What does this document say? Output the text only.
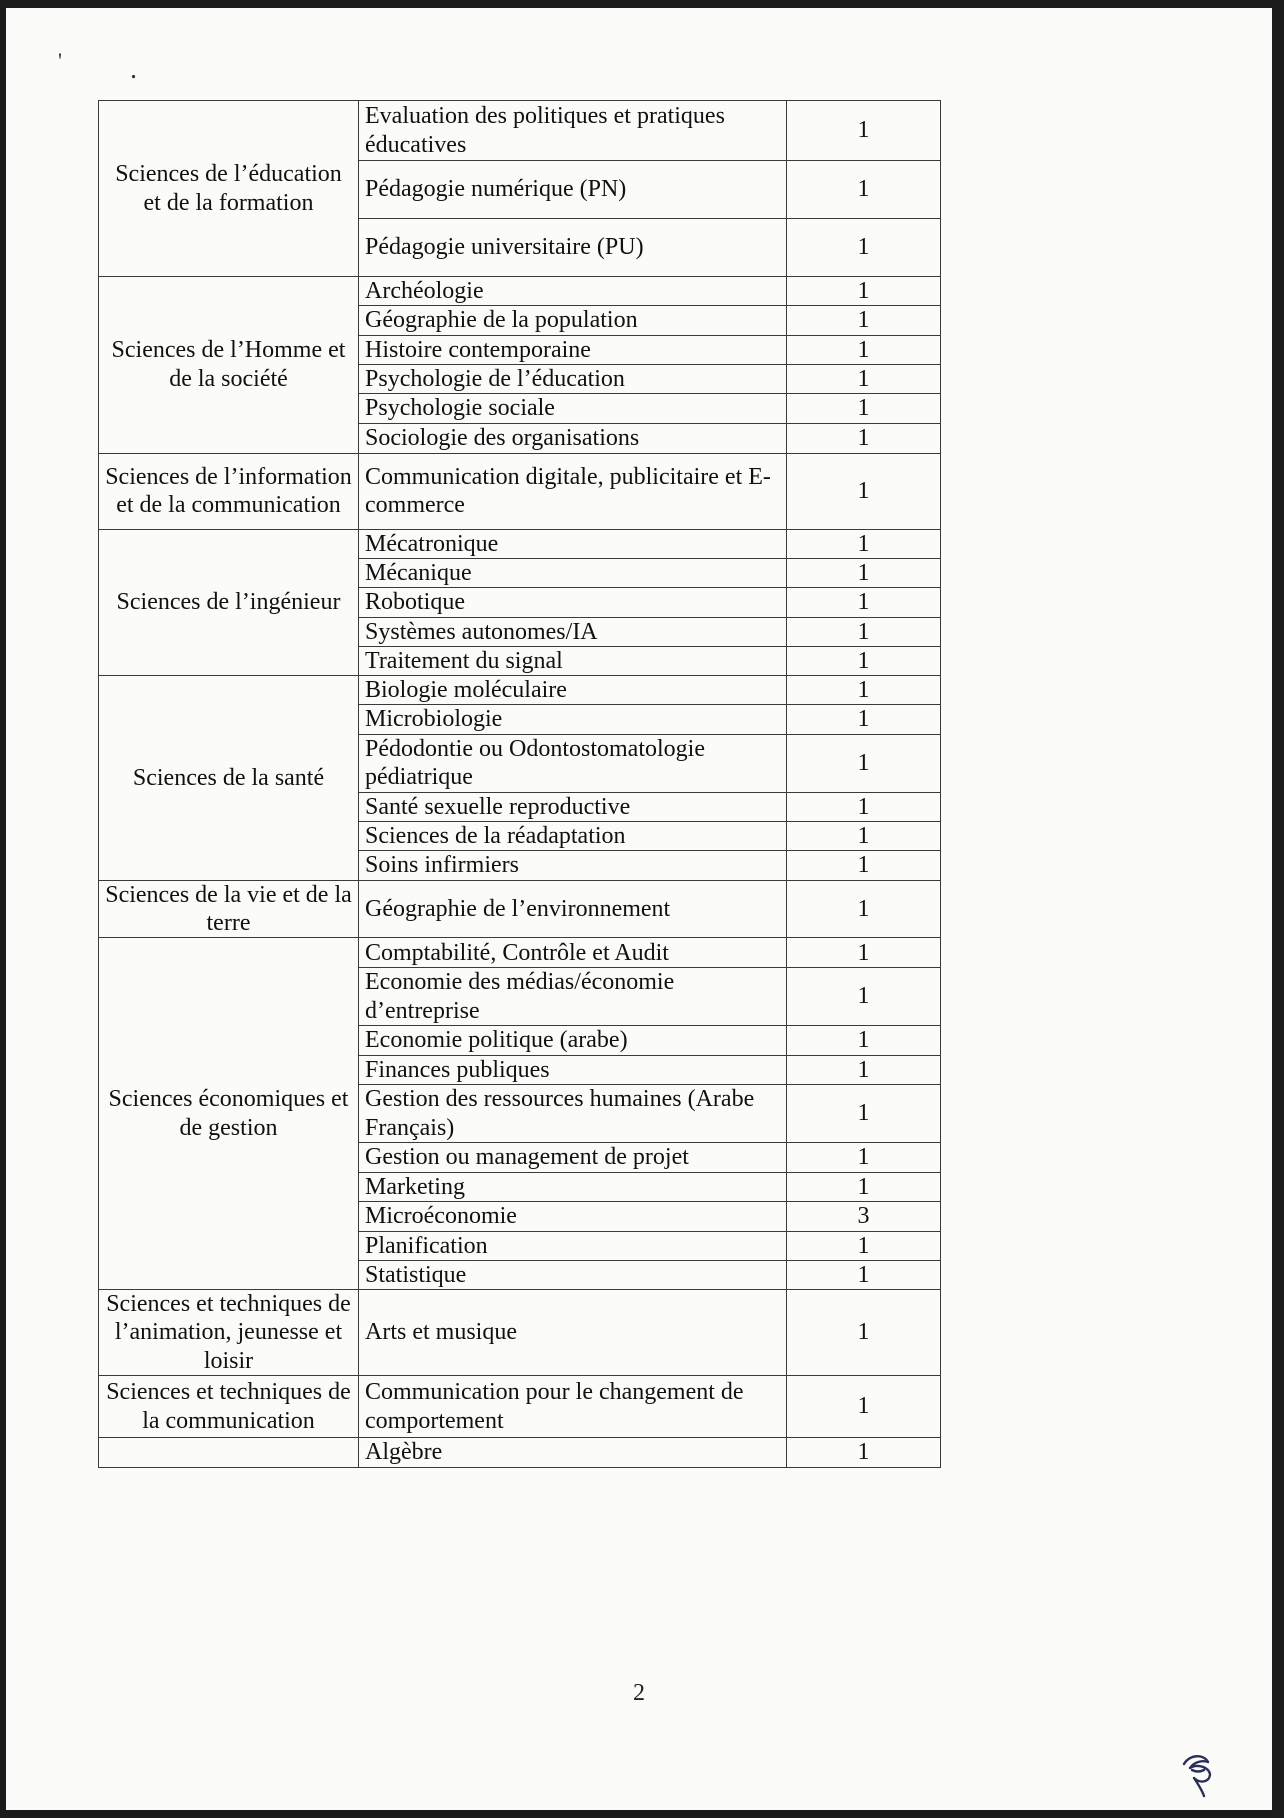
' .
Sciences de l’éducation et de la formation	Evaluation des politiques et pratiques éducatives	1
	Pédagogie numérique (PN)	1
	Pédagogie universitaire (PU)	1
Sciences de l’Homme et de la société	Archéologie	1
	Géographie de la population	1
	Histoire contemporaine	1
	Psychologie de l’éducation	1
	Psychologie sociale	1
	Sociologie des organisations	1
Sciences de l’information et de la communication	Communication digitale, publicitaire et E-commerce	1
Sciences de l’ingénieur	Mécatronique	1
	Mécanique	1
	Robotique	1
	Systèmes autonomes/IA	1
	Traitement du signal	1
Sciences de la santé	Biologie moléculaire	1
	Microbiologie	1
	Pédodontie ou Odontostomatologie pédiatrique	1
	Santé sexuelle reproductive	1
	Sciences de la réadaptation	1
	Soins infirmiers	1
Sciences de la vie et de la terre	Géographie de l’environnement	1
Sciences économiques et de gestion	Comptabilité, Contrôle et Audit	1
	Economie des médias/économie d’entreprise	1
	Economie politique (arabe)	1
	Finances publiques	1
	Gestion des ressources humaines (Arabe Français)	1
	Gestion ou management de projet	1
	Marketing	1
	Microéconomie	3
	Planification	1
	Statistique	1
Sciences et techniques de l’animation, jeunesse et loisir	Arts et musique	1
Sciences et techniques de la communication	Communication pour le changement de comportement	1
	Algèbre	1
2
